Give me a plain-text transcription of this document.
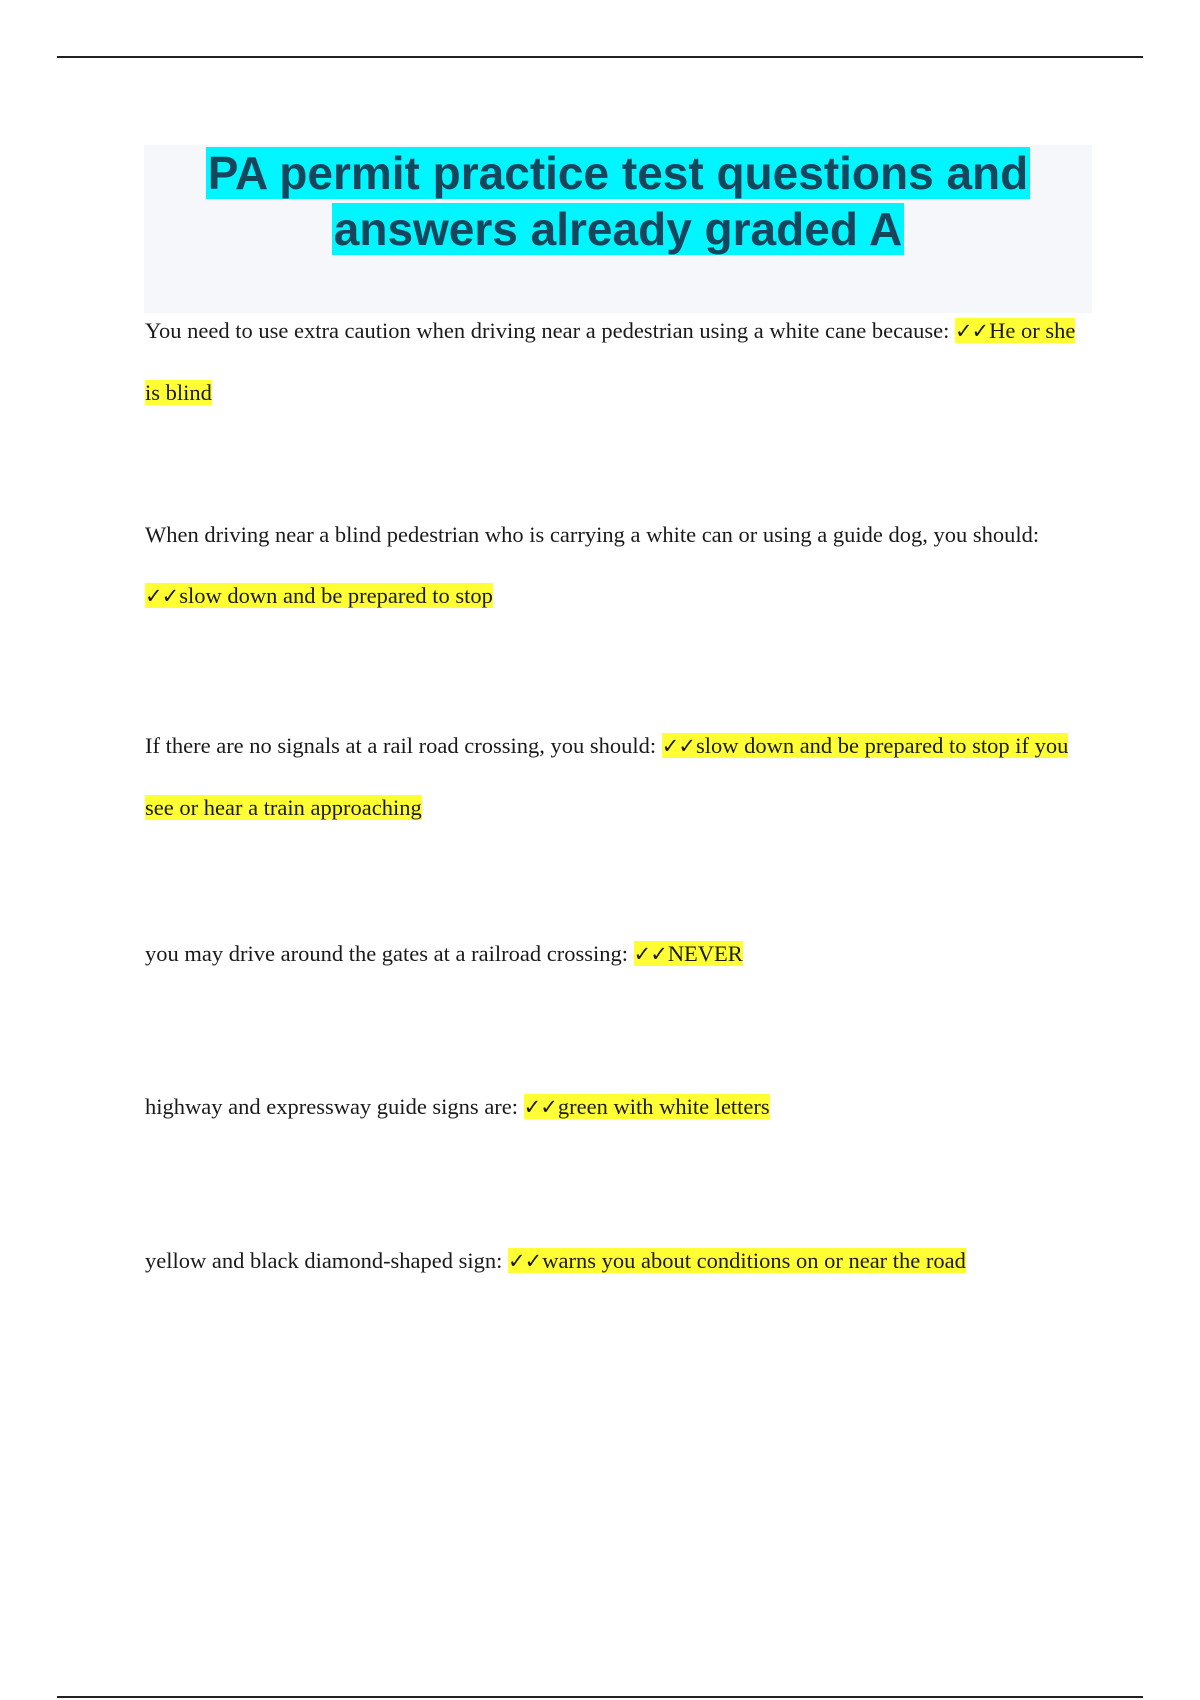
PA permit practice test questions and answers already graded A

You need to use extra caution when driving near a pedestrian using a white cane because: ✓✓He or she is blind

When driving near a blind pedestrian who is carrying a white can or using a guide dog, you should: ✓✓slow down and be prepared to stop

If there are no signals at a rail road crossing, you should: ✓✓slow down and be prepared to stop if you see or hear a train approaching

you may drive around the gates at a railroad crossing: ✓✓NEVER

highway and expressway guide signs are: ✓✓green with white letters

yellow and black diamond-shaped sign: ✓✓warns you about conditions on or near the road
